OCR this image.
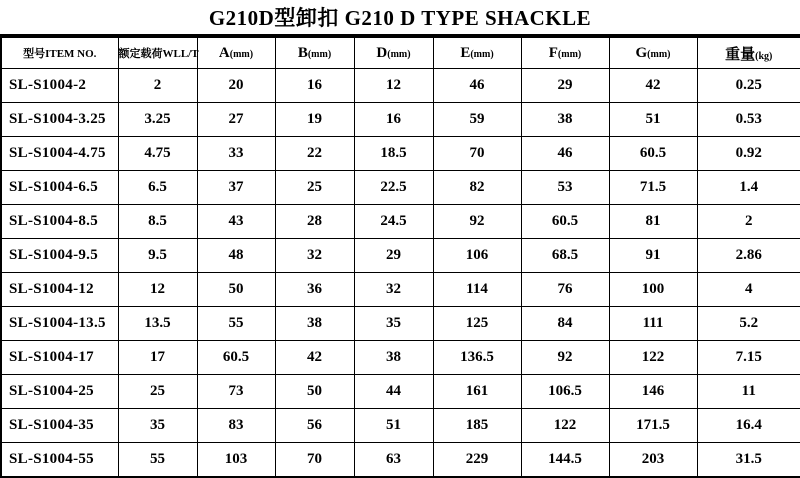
G210D型卸扣 G210 D TYPE SHACKLE
型号ITEM NO.	额定载荷WLL/T	A(mm)	B(mm)	D(mm)	E(mm)	F(mm)	G(mm)	重量(kg)
SL-S1004-2	2	20	16	12	46	29	42	0.25
SL-S1004-3.25	3.25	27	19	16	59	38	51	0.53
SL-S1004-4.75	4.75	33	22	18.5	70	46	60.5	0.92
SL-S1004-6.5	6.5	37	25	22.5	82	53	71.5	1.4
SL-S1004-8.5	8.5	43	28	24.5	92	60.5	81	2
SL-S1004-9.5	9.5	48	32	29	106	68.5	91	2.86
SL-S1004-12	12	50	36	32	114	76	100	4
SL-S1004-13.5	13.5	55	38	35	125	84	111	5.2
SL-S1004-17	17	60.5	42	38	136.5	92	122	7.15
SL-S1004-25	25	73	50	44	161	106.5	146	11
SL-S1004-35	35	83	56	51	185	122	171.5	16.4
SL-S1004-55	55	103	70	63	229	144.5	203	31.5
